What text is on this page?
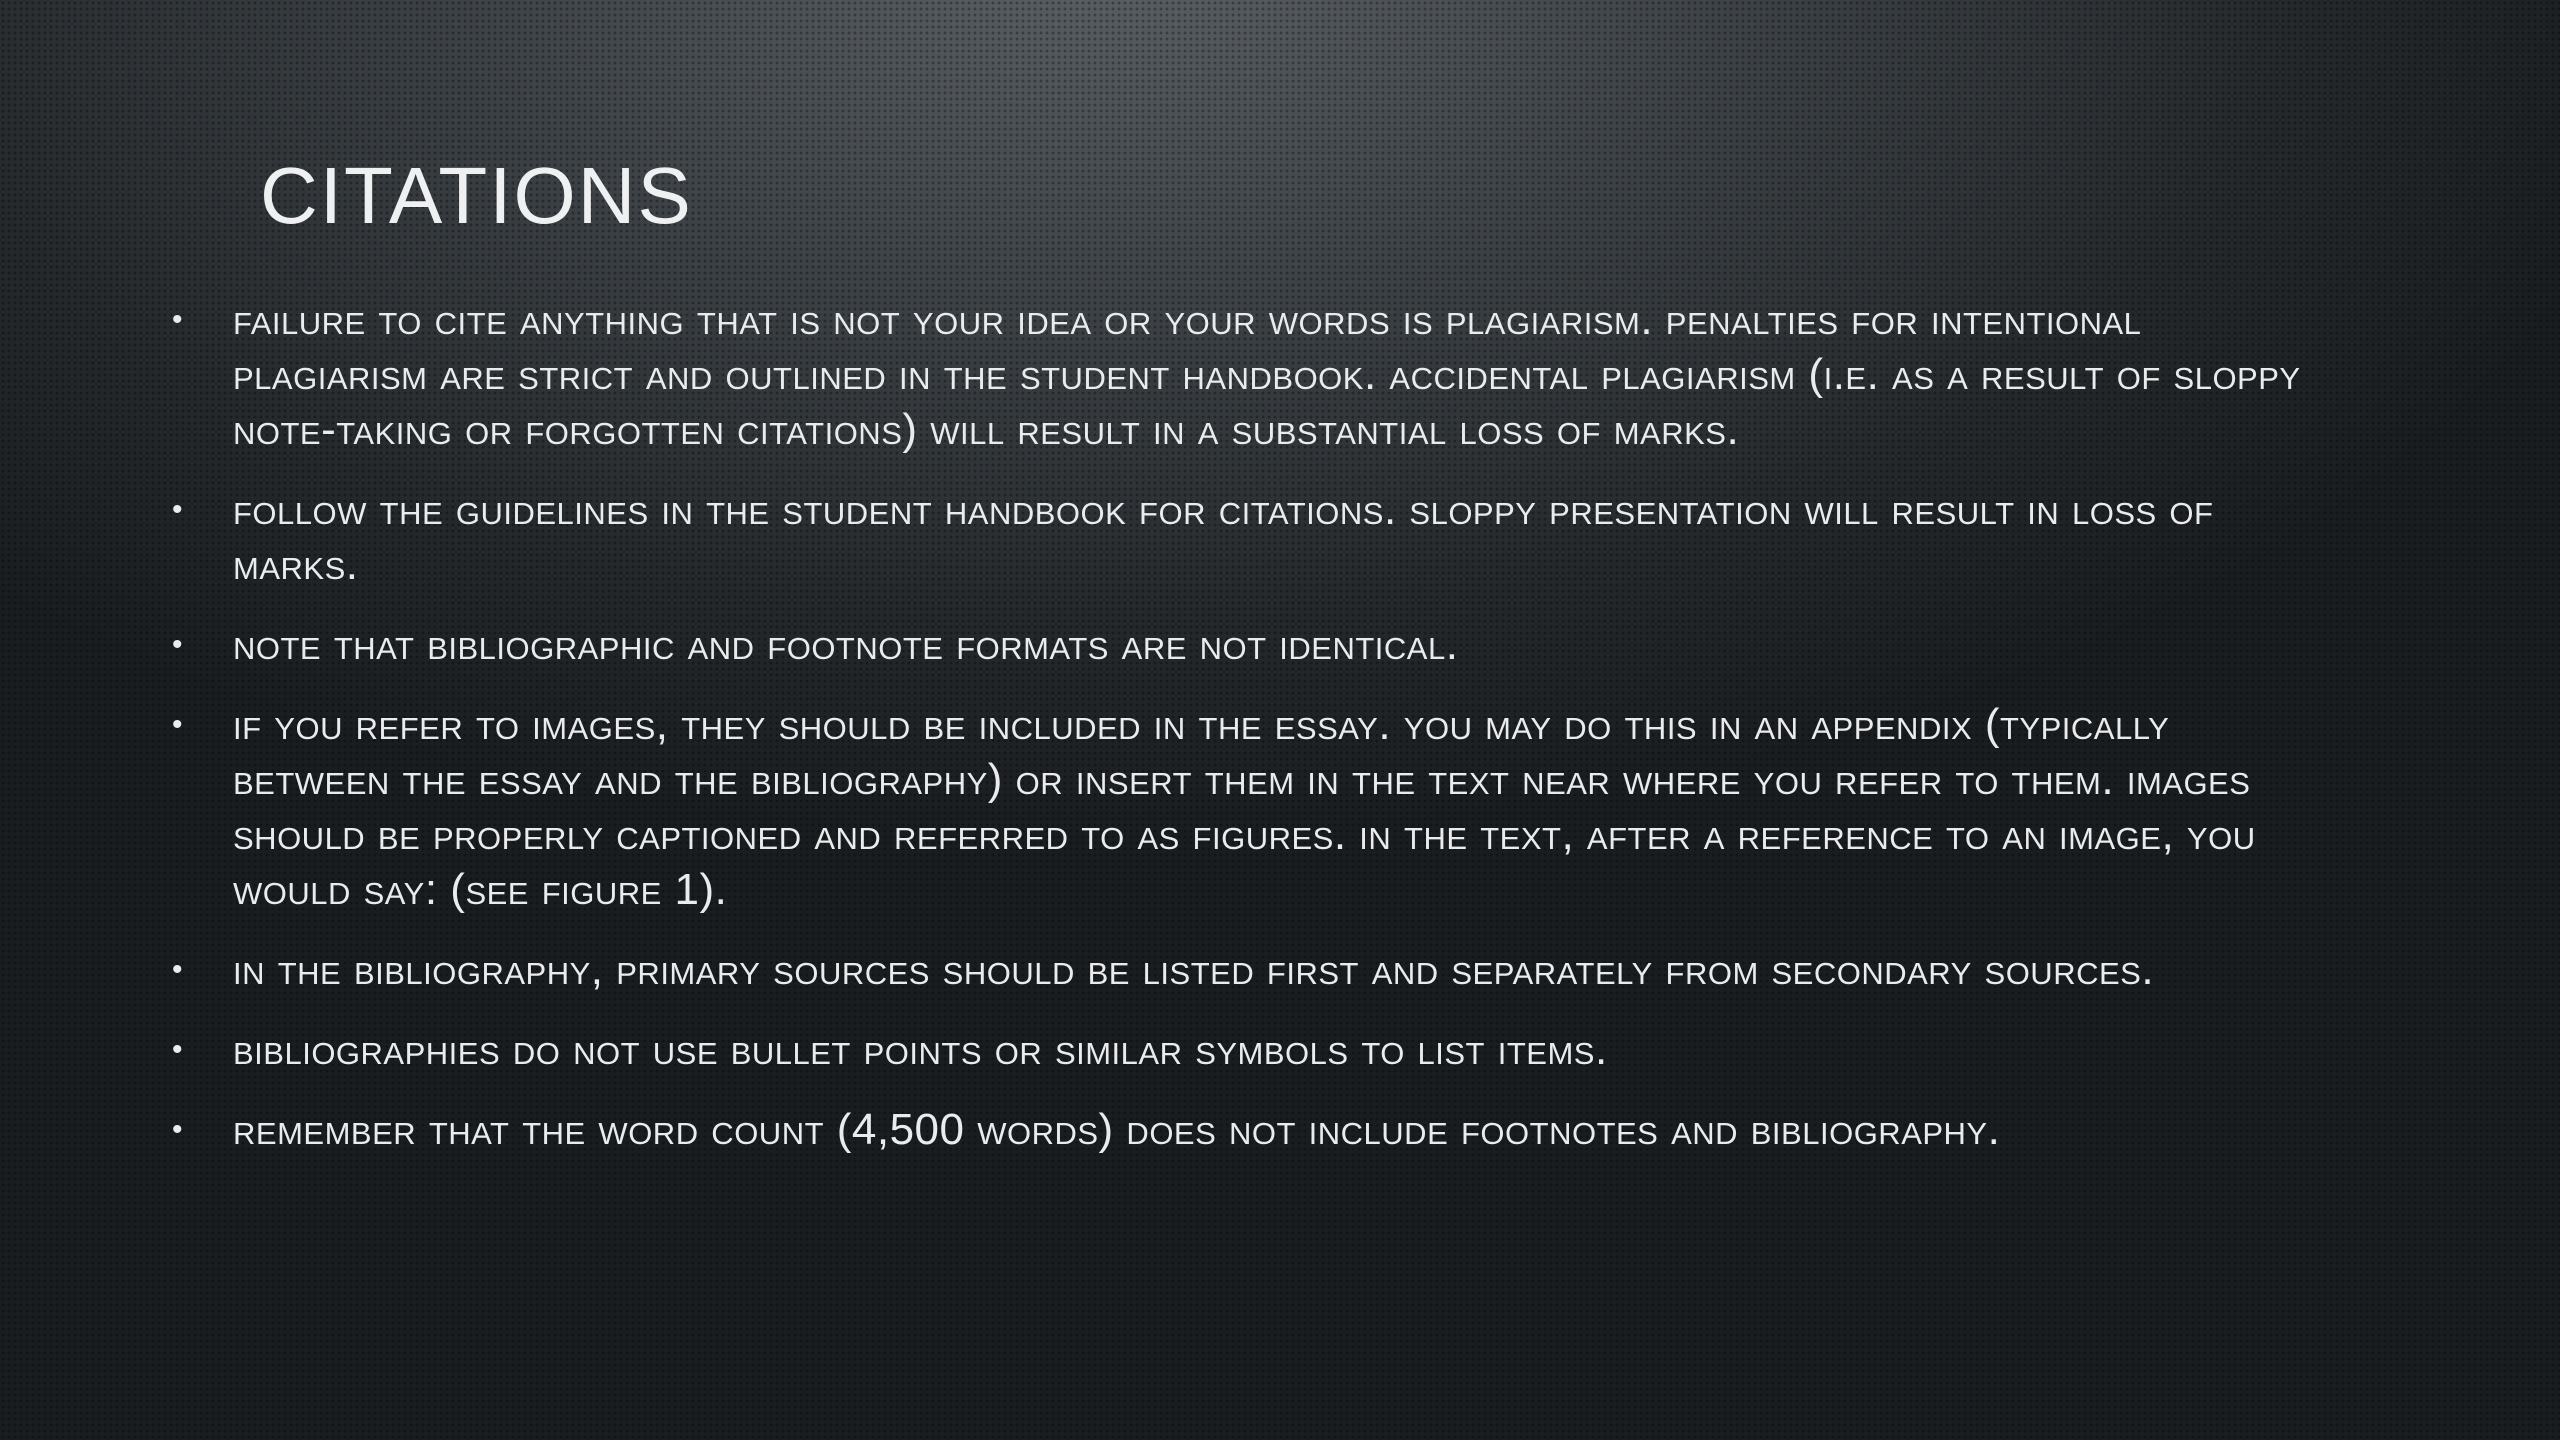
CITATIONS
•	failure to cite anything that is not your idea or your words is plagiarism. penalties for intentional plagiarism are strict and outlined in the student handbook. accidental plagiarism (i.e. as a result of sloppy note-taking or forgotten citations) will result in a substantial loss of marks.
•	follow the guidelines in the student handbook for citations. sloppy presentation will result in loss of marks.
•	note that bibliographic and footnote formats are not identical.
•	if you refer to images, they should be included in the essay. you may do this in an appendix (typically between the essay and the bibliography) or insert them in the text near where you refer to them. images should be properly captioned and referred to as figures. in the text, after a reference to an image, you would say: (see figure 1).
•	in the bibliography, primary sources should be listed first and separately from secondary sources.
•	bibliographies do not use bullet points or similar symbols to list items.
•	remember that the word count (4,500 words) does not include footnotes and bibliography.
